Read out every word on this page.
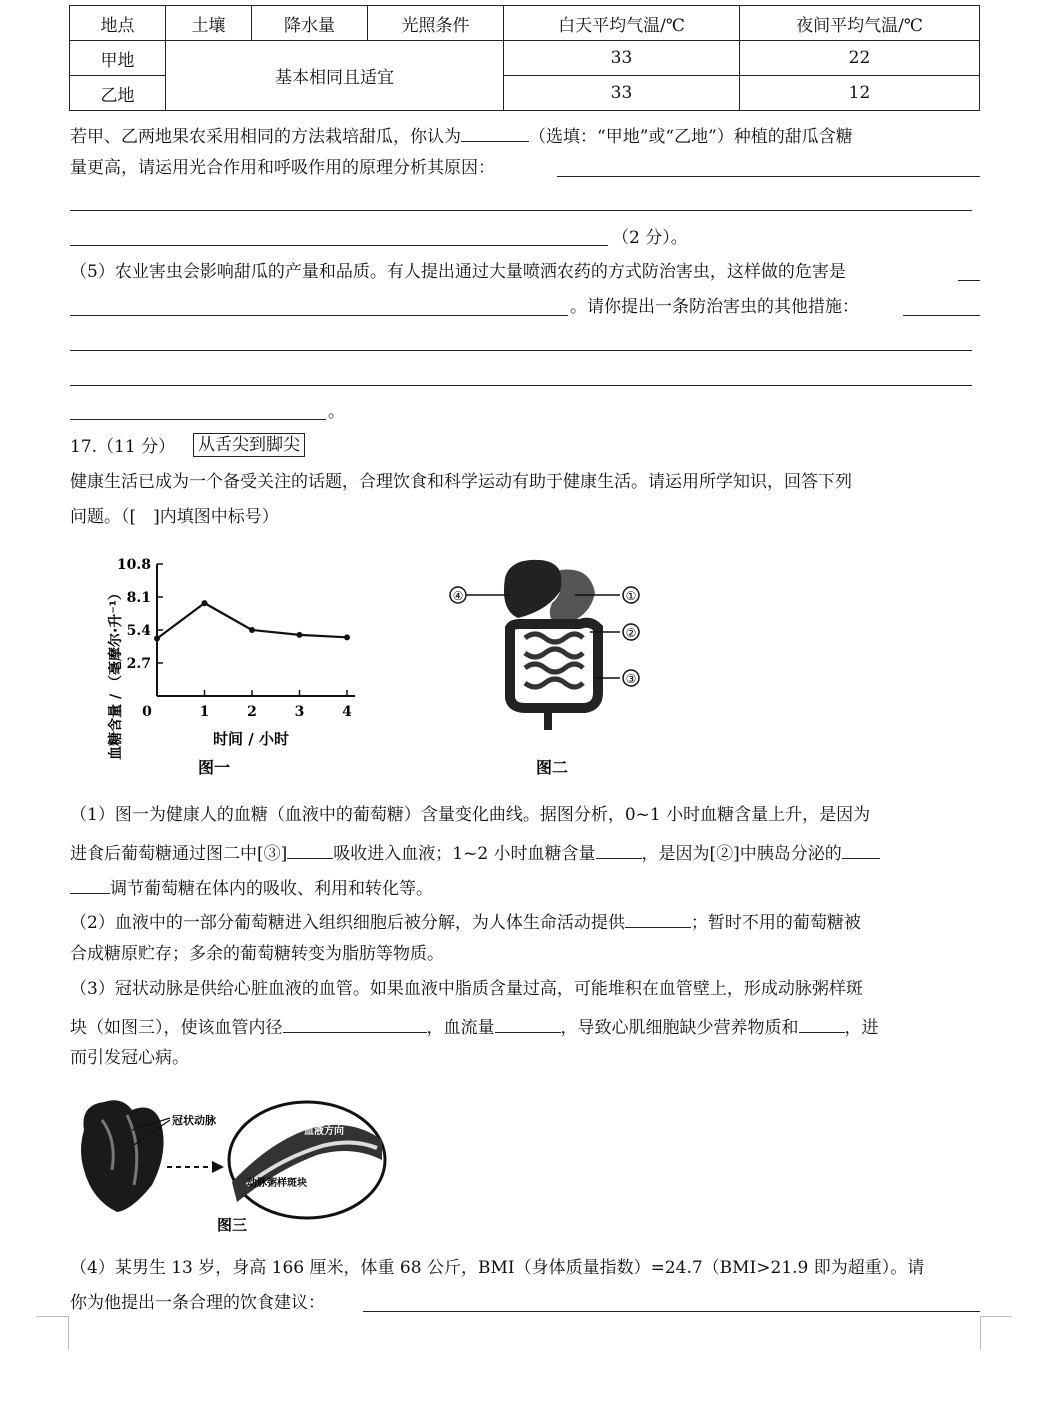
地点	土壤	降水量	光照条件	白天平均气温/℃	夜间平均气温/℃
甲地	基本相同且适宜			33	22
乙地				33	12
若甲、乙两地果农采用相同的方法栽培甜瓜，你认为	（选填：“甲地”或“乙地”）种植的甜瓜含糖
量更高，请运用光合作用和呼吸作用的原理分析其原因：
（2 分）。
（5）农业害虫会影响甜瓜的产量和品质。有人提出通过大量喷洒农药的方式防治害虫，这样做的危害是
。请你提出一条防治害虫的其他措施：
。
17.（11 分） 从舌尖到脚尖
健康生活已成为一个备受关注的话题，合理饮食和科学运动有助于健康生活。请运用所学知识，回答下列
问题。（[　]内填图中标号）
2.7
5.4
8.1
10.8
0	1	2	3	4
血糖含量 / （毫摩尔·升⁻¹）	时间 / 小时
图一
④	①
②
③
图二
（1）图一为健康人的血糖（血液中的葡萄糖）含量变化曲线。据图分析，0~1 小时血糖含量上升，是因为
进食后葡萄糖通过图二中[③]	吸收进入血液；1~2 小时血糖含量	，是因为[②]中胰岛分泌的
调节葡萄糖在体内的吸收、利用和转化等。
（2）血液中的一部分葡萄糖进入组织细胞后被分解，为人体生命活动提供	；暂时不用的葡萄糖被
合成糖原贮存；多余的葡萄糖转变为脂肪等物质。
（3）冠状动脉是供给心脏血液的血管。如果血液中脂质含量过高，可能堆积在血管壁上，形成动脉粥样斑
块（如图三），使该血管内径	，血流量	，导致心肌细胞缺少营养物质和	，进
而引发冠心病。
冠状动脉
血液方向
动脉粥样斑块
图三
（4）某男生 13 岁，身高 166 厘米，体重 68 公斤，BMI（身体质量指数）=24.7（BMI>21.9 即为超重）。请
你为他提出一条合理的饮食建议：
